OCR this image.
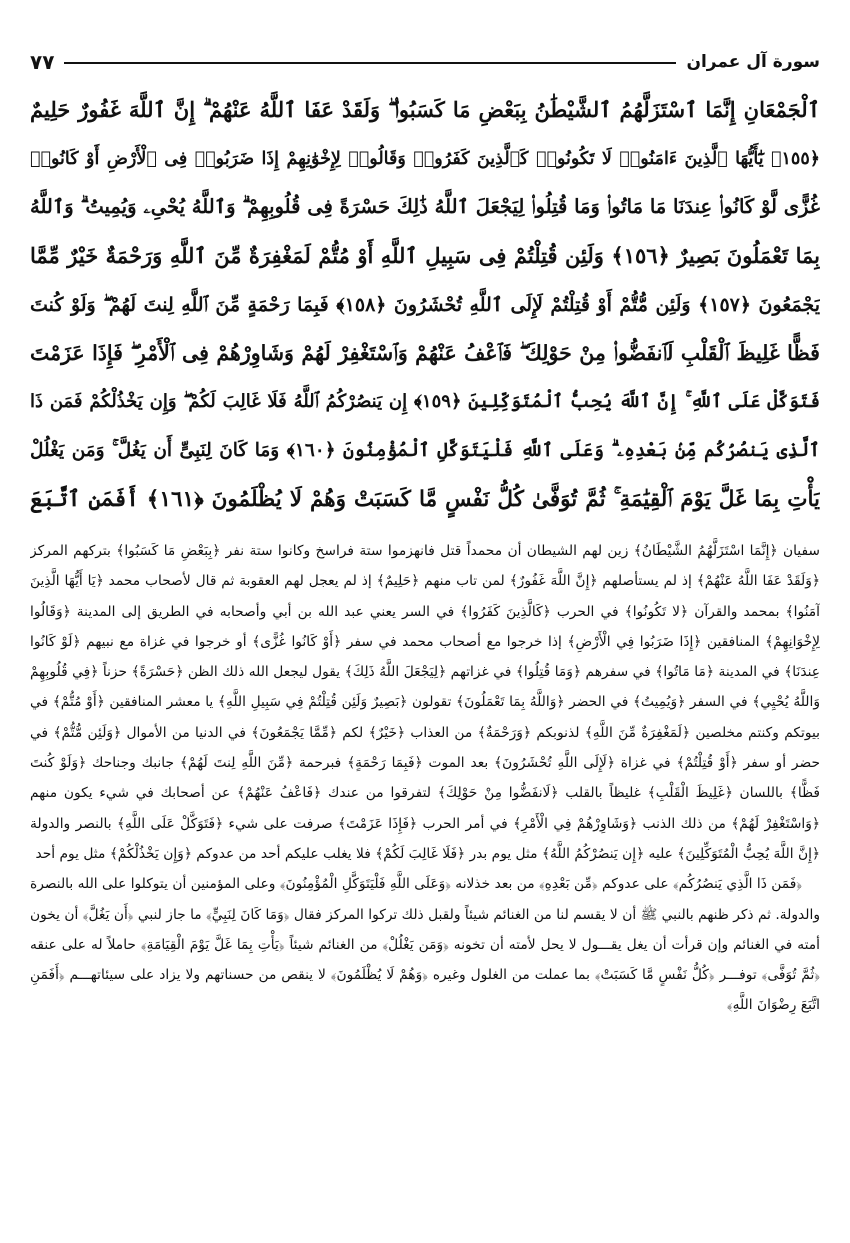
سورة آل عمران
٧٧
ٱلْجَمْعَانِ إِنَّمَا ٱسْتَزَلَّهُمُ ٱلشَّيْطَٰنُ بِبَعْضِ مَا كَسَبُوا۟ ۖ وَلَقَدْ عَفَا ٱللَّهُ عَنْهُمْ ۗ إِنَّ ٱللَّهَ غَفُورٌ حَلِيمٌ
﴿١٥٥﴾ يَٰٓأَيُّهَا ٱلَّذِينَ ءَامَنُوا۟ لَا تَكُونُوا۟ كَٱلَّذِينَ كَفَرُوا۟ وَقَالُوا۟ لِإِخْوَٰنِهِمْ إِذَا ضَرَبُوا۟ فِى ٱلْأَرْضِ أَوْ كَانُوا۟
غُزًّى لَّوْ كَانُوا۟ عِندَنَا مَا مَاتُوا۟ وَمَا قُتِلُوا۟ لِيَجْعَلَ ٱللَّهُ ذَٰلِكَ حَسْرَةً فِى قُلُوبِهِمْ ۗ وَٱللَّهُ يُحْىِۦ وَيُمِيتُ ۗ وَٱللَّهُ
بِمَا تَعْمَلُونَ بَصِيرٌ ﴿١٥٦﴾ وَلَئِن قُتِلْتُمْ فِى سَبِيلِ ٱللَّهِ أَوْ مُتُّمْ لَمَغْفِرَةٌ مِّنَ ٱللَّهِ وَرَحْمَةٌ خَيْرٌ مِّمَّا
يَجْمَعُونَ ﴿١٥٧﴾ وَلَئِن مُّتُّمْ أَوْ قُتِلْتُمْ لَإِلَى ٱللَّهِ تُحْشَرُونَ ﴿١٥٨﴾ فَبِمَا رَحْمَةٍ مِّنَ ٱللَّهِ لِنتَ لَهُمْ ۖ وَلَوْ كُنتَ
فَظًّا غَلِيظَ ٱلْقَلْبِ لَٱنفَضُّوا۟ مِنْ حَوْلِكَ ۖ فَٱعْفُ عَنْهُمْ وَٱسْتَغْفِرْ لَهُمْ وَشَاوِرْهُمْ فِى ٱلْأَمْرِ ۖ فَإِذَا عَزَمْتَ
فَتَوَكَّلْ عَلَى ٱللَّهِ ۚ إِنَّ ٱللَّهَ يُحِبُّ ٱلْمُتَوَكِّلِينَ ﴿١٥٩﴾ إِن يَنصُرْكُمُ ٱللَّهُ فَلَا غَالِبَ لَكُمْ ۖ وَإِن يَخْذُلْكُمْ فَمَن ذَا
ٱلَّذِى يَنصُرُكُم مِّنۢ بَعْدِهِۦ ۗ وَعَلَى ٱللَّهِ فَلْيَتَوَكَّلِ ٱلْمُؤْمِنُونَ ﴿١٦٠﴾ وَمَا كَانَ لِنَبِىٍّ أَن يَغُلَّ ۚ وَمَن يَغْلُلْ
يَأْتِ بِمَا غَلَّ يَوْمَ ٱلْقِيَٰمَةِ ۚ ثُمَّ تُوَفَّىٰ كُلُّ نَفْسٍ مَّا كَسَبَتْ وَهُمْ لَا يُظْلَمُونَ ﴿١٦١﴾ أَفَمَنِ ٱتَّبَعَ

سفيان ﴿إِنَّمَا اسْتَزَلَّهُمُ الشَّيْطَانُ﴾ زين لهم الشيطان أن محمداً قتل فانهزموا ستة فراسخ وكانوا ستة نفر ﴿بِبَعْضِ مَا كَسَبُوا﴾ بتركهم المركز ﴿وَلَقَدْ عَفَا اللَّهُ عَنْهُمْ﴾ إذ لم يستأصلهم ﴿إِنَّ اللَّهَ غَفُورٌ﴾ لمن تاب منهم ﴿حَلِيمٌ﴾ إذ لم يعجل لهم العقوبة ثم قال لأصحاب محمد ﴿يَا أَيُّهَا الَّذِينَ آمَنُوا﴾ بمحمد والقرآن ﴿لا تَكُونُوا﴾ في الحرب ﴿كَالَّذِينَ كَفَرُوا﴾ في السر يعني عبد الله بن أبي وأصحابه في الطريق إلى المدينة ﴿وَقَالُوا لِإِخْوَانِهِمْ﴾ المنافقين ﴿إِذَا ضَرَبُوا فِي الْأَرْضِ﴾ إذا خرجوا مع أصحاب محمد في سفر ﴿أَوْ كَانُوا غُزًّى﴾ أو خرجوا في غزاة مع نبيهم ﴿لَوْ كَانُوا عِندَنَا﴾ في المدينة ﴿مَا مَاتُوا﴾ في سفرهم ﴿وَمَا قُتِلُوا﴾ في غزاتهم ﴿لِيَجْعَلَ اللَّهُ ذَلِكَ﴾ يقول ليجعل الله ذلك الظن ﴿حَسْرَةً﴾ حزناً ﴿فِي قُلُوبِهِمْ وَاللَّهُ يُحْيِي﴾ في السفر ﴿وَيُمِيتُ﴾ في الحضر ﴿وَاللَّهُ بِمَا تَعْمَلُونَ﴾ تقولون ﴿بَصِيرٌ وَلَئِن قُتِلْتُمْ فِي سَبِيلِ اللَّهِ﴾ يا معشر المنافقين ﴿أَوْ مُتُّمْ﴾ في بيوتكم وكنتم مخلصين ﴿لَمَغْفِرَةٌ مِّنَ اللَّهِ﴾ لذنوبكم ﴿وَرَحْمَةٌ﴾ من العذاب ﴿خَيْرٌ﴾ لكم ﴿مِّمَّا يَجْمَعُونَ﴾ في الدنيا من الأموال ﴿وَلَئِن مُّتُّمْ﴾ في حضر أو سفر ﴿أَوْ قُتِلْتُمْ﴾ في غزاة ﴿لَإِلَى اللَّهِ تُحْشَرُونَ﴾ بعد الموت ﴿فَبِمَا رَحْمَةٍ﴾ فبرحمة ﴿مِّنَ اللَّهِ لِنتَ لَهُمْ﴾ جانبك وجناحك ﴿وَلَوْ كُنتَ فَظًّا﴾ باللسان ﴿غَلِيظَ الْقَلْبِ﴾ غليظاً بالقلب ﴿لَانفَضُّوا مِنْ حَوْلِكَ﴾ لتفرقوا من عندك ﴿فَاعْفُ عَنْهُمْ﴾ عن أصحابك في شيء يكون منهم ﴿وَاسْتَغْفِرْ لَهُمْ﴾ من ذلك الذنب ﴿وَشَاوِرْهُمْ فِي الْأَمْرِ﴾ في أمر الحرب ﴿فَإِذَا عَزَمْتَ﴾ صرفت على شيء ﴿فَتَوَكَّلْ عَلَى اللَّهِ﴾ بالنصر والدولة ﴿إِنَّ اللَّهَ يُحِبُّ الْمُتَوَكِّلِينَ﴾ عليه ﴿إِن يَنصُرْكُمُ اللَّهُ﴾ مثل يوم بدر ﴿فَلَا غَالِبَ لَكُمْ﴾ فلا يغلب عليكم أحد من عدوكم ﴿وَإِن يَخْذُلْكُمْ﴾ مثل يوم أحد

﴿فَمَن ذَا الَّذِي يَنصُرُكُم﴾ على عدوكم ﴿مِّن بَعْدِهِ﴾ من بعد خذلانه ﴿وَعَلَى اللَّهِ فَلْيَتَوَكَّلِ الْمُؤْمِنُونَ﴾ وعلى المؤمنين أن يتوكلوا على الله بالنصرة والدولة. ثم ذكر ظنهم بالنبي ﷺ أن لا يقسم لنا من الغنائم شيئاً ولقبل ذلك تركوا المركز فقال ﴿وَمَا كَانَ لِنَبِيٍّ﴾ ما جاز لنبي ﴿أَن يَغُلَّ﴾ أن يخون أمته في الغنائم وإن قرأت أن يغل يقـــول لا يحل لأمته أن تخونه ﴿وَمَن يَغْلُلْ﴾ من الغنائم شيئاً ﴿يَأْتِ بِمَا غَلَّ يَوْمَ الْقِيَامَةِ﴾ حاملاً له على عنقه ﴿ثُمَّ تُوَفَّى﴾ توفـــر ﴿كُلُّ نَفْسٍ مَّا كَسَبَتْ﴾ بما عملت من الغلول وغيره ﴿وَهُمْ لَا يُظْلَمُونَ﴾ لا ينقص من حسناتهم ولا يزاد على سيئاتهـــم ﴿أَفَمَنِ اتَّبَعَ رِضْوَانَ اللَّهِ﴾
